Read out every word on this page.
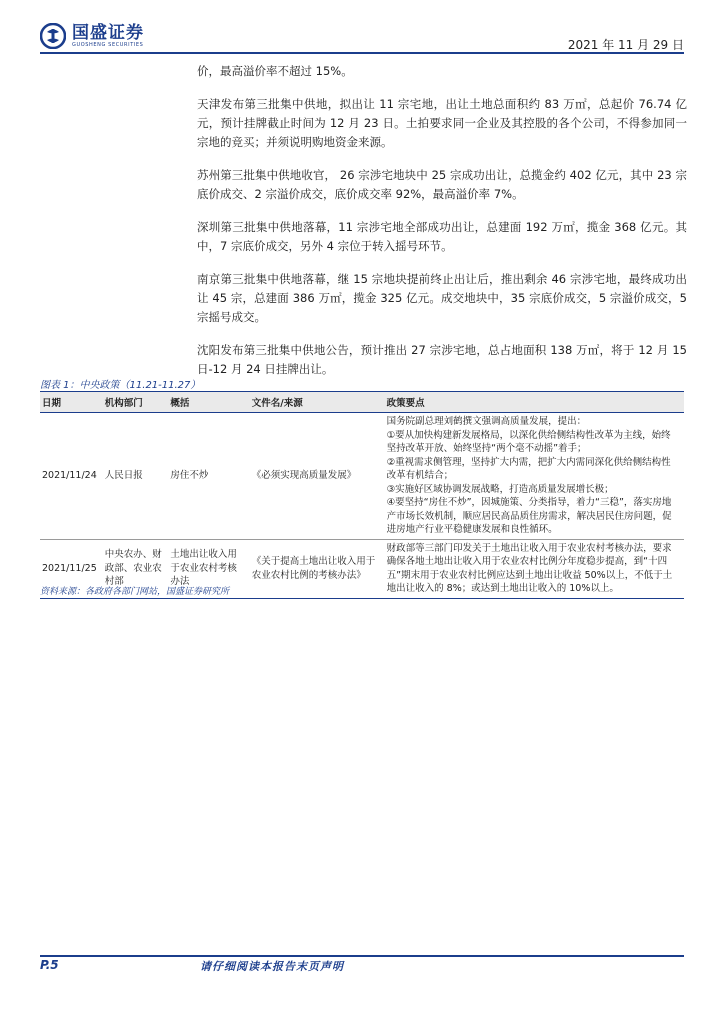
国盛证券
GUOSHENG SECURITIES	2021 年 11 月 29 日

价，最高溢价率不超过 15%。

天津发布第三批集中供地，拟出让 11 宗宅地，出让土地总面积约 83 万㎡，总起价 76.74 亿元，预计挂牌截止时间为 12 月 23 日。土拍要求同一企业及其控股的各个公司，不得参加同一宗地的竞买；并须说明购地资金来源。

苏州第三批集中供地收官， 26 宗涉宅地块中 25 宗成功出让，总揽金约 402 亿元，其中 23 宗底价成交、2 宗溢价成交，底价成交率 92%，最高溢价率 7%。

深圳第三批集中供地落幕，11 宗涉宅地全部成功出让，总建面 192 万㎡，揽金 368 亿元。其中，7 宗底价成交，另外 4 宗位于转入摇号环节。

南京第三批集中供地落幕，继 15 宗地块提前终止出让后，推出剩余 46 宗涉宅地，最终成功出让 45 宗，总建面 386 万㎡，揽金 325 亿元。成交地块中，35 宗底价成交，5 宗溢价成交，5 宗摇号成交。

沈阳发布第三批集中供地公告，预计推出 27 宗涉宅地，总占地面积 138 万㎡，将于 12 月 15 日-12 月 24 日挂牌出让。

图表 1：中央政策（11.21-11.27）
日期	机构部门	概括	文件名/来源	政策要点
2021/11/24	人民日报	房住不炒	《必须实现高质量发展》	国务院副总理刘鹤撰文强调高质量发展，提出：
①要从加快构建新发展格局，以深化供给侧结构性改革为主线，始终坚持改革开放、始终坚持“两个毫不动摇”着手；
②重视需求侧管理，坚持扩大内需，把扩大内需同深化供给侧结构性改革有机结合；
③实施好区域协调发展战略，打造高质量发展增长极；
④要坚持“房住不炒”，因城施策、分类指导，着力“三稳”，落实房地产市场长效机制，顺应居民高品质住房需求，解决居民住房问题，促进房地产行业平稳健康发展和良性循环。

2021/11/25	中央农办、财政部、农业农村部	土地出让收入用于农业农村考核办法	《关于提高土地出让收入用于农业农村比例的考核办法》	财政部等三部门印发关于土地出让收入用于农业农村考核办法，要求确保各地土地出让收入用于农业农村比例分年度稳步提高，到“十四五”期末用于农业农村比例应达到土地出让收益 50%以上，不低于土地出让收入的 8%；或达到土地出让收入的 10%以上。
资料来源：各政府各部门网站，国盛证券研究所
P.5	请仔细阅读本报告末页声明
